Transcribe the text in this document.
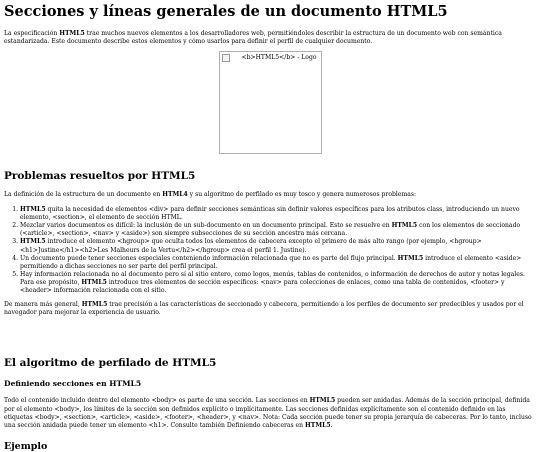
Secciones y líneas generales de un documento HTML5

La especificación HTML5 trae muchos nuevos elementos a los desarrolladores web, permitiéndoles describir la estructura de un documento web con semántica estandarizada. Este documento describe estos elementos y cómo usarlos para definir el perfil de cualquier documento.

<b>HTML5</b> - Logo
Problemas resueltos por HTML5

La definición de la estructura de un documento en HTML4 y su algoritmo de perfilado es muy tosco y genera numerosos problemas:

1. HTML5 quita la necesidad de elementos <div> para definir secciones semánticas sin definir valores específicos para los atributos class, introduciendo un nuevo elemento, <section>, el elemento de sección HTML.
2. Mezclar varios documentos es difícil: la inclusión de un sub-documento en un documento principal. Esto se resuelve en HTML5 con los elementos de seccionado (<article>, <section>, <nav> y <aside>) son siempre subsecciones de su sección ancestra más cercana.
3. HTML5 introduce el elemento <hgroup> que oculta todos los elementos de cabecera excepto el primero de más alto rango (por ejemplo, <hgroup><h1>Justine</h1><h2>Les Malheurs de la Vertu</h2></hgroup> crea el perfil 1. Justine).
4. Un documento puede tener secciones especiales conteniendo información relacionada que no es parte del flujo principal. HTML5 introduce el elemento <aside> permitiendo a dichas secciones no ser parte del perfil principal.
5. Hay información relacionada no al documento pero sí al sitio entero, como logos, menús, tablas de contenidos, o información de derechos de autor y notas legales. Para ese propósito, HTML5 introduce tres elementos de sección específicos: <nav> para colecciones de enlaces, como una tabla de contenidos, <footer> y <header> información relacionada con el sitio.

De manera más general, HTML5 trae precisión a las características de seccionado y cabecera, permitiendo a los perfiles de documento ser predecibles y usados por el navegador para mejorar la experiencia de usuario.

El algoritmo de perfilado de HTML5
Definiendo secciones en HTML5

Todo el contenido incluido dentro del elemento <body> es parte de una sección. Las secciones en HTML5 pueden ser anidadas. Además de la sección principal, definida por el elemento <body>, los límites de la sección son definidos explícito o implícitamente. Las secciones definidas explícitamente son el contenido definido en las etiquetas <body>, <section>, <article>, <aside>, <footer>, <header>, y <nav>. Nota: Cada sección puede tener su propia jerarquía de cabeceras. Por lo tanto, incluso una sección anidada puede tener un elemento <h1>. Consulte también Definiendo cabeceras en HTML5.

Ejemplo
